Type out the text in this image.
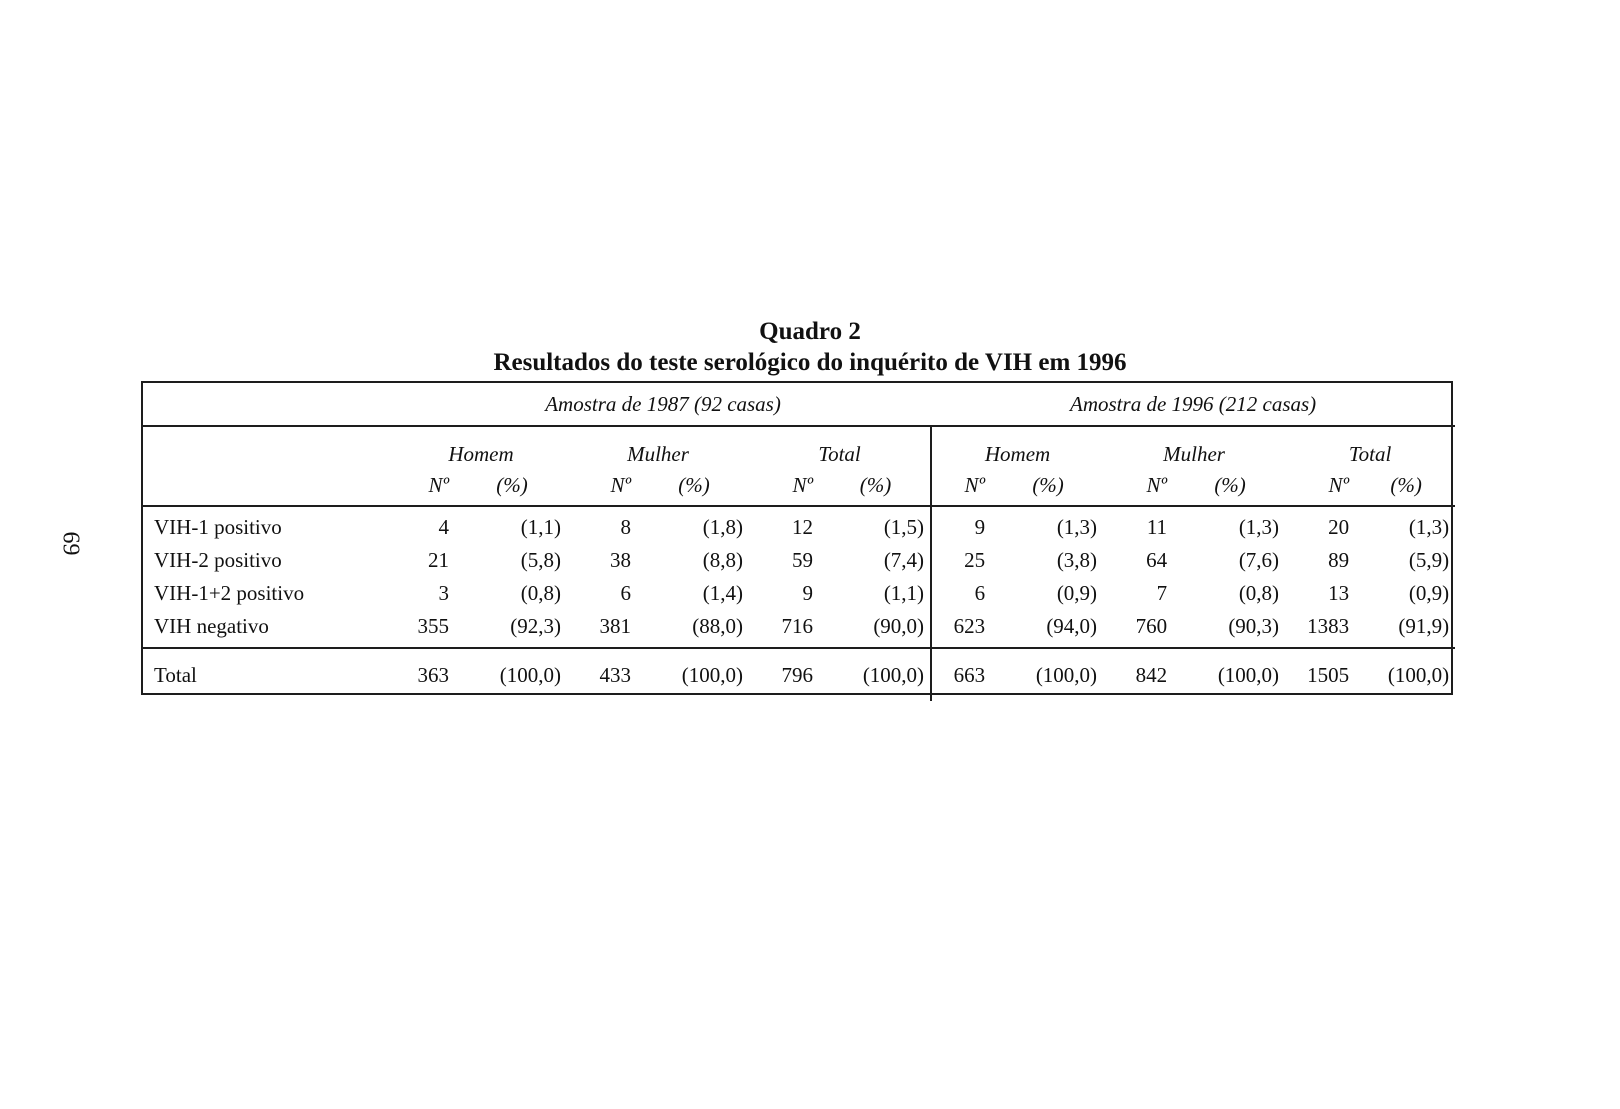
69
Quadro 2
Resultados do teste serológico do inquérito de VIH em 1996
	Amostra de 1987 (92 casas)						Amostra de 1996 (212 casas)					
	Homem		Mulher		Total		Homem		Mulher		Total	
	Nº	(%)	Nº	(%)	Nº	(%)	Nº	(%)	Nº	(%)	Nº	(%)
VIH-1 positivo	4	(1,1)	8	(1,8)	12	(1,5)	9	(1,3)	11	(1,3)	20	(1,3)
VIH-2 positivo	21	(5,8)	38	(8,8)	59	(7,4)	25	(3,8)	64	(7,6)	89	(5,9)
VIH-1+2 positivo	3	(0,8)	6	(1,4)	9	(1,1)	6	(0,9)	7	(0,8)	13	(0,9)
VIH negativo	355	(92,3)	381	(88,0)	716	(90,0)	623	(94,0)	760	(90,3)	1383	(91,9)
Total	363	(100,0)	433	(100,0)	796	(100,0)	663	(100,0)	842	(100,0)	1505	(100,0)
